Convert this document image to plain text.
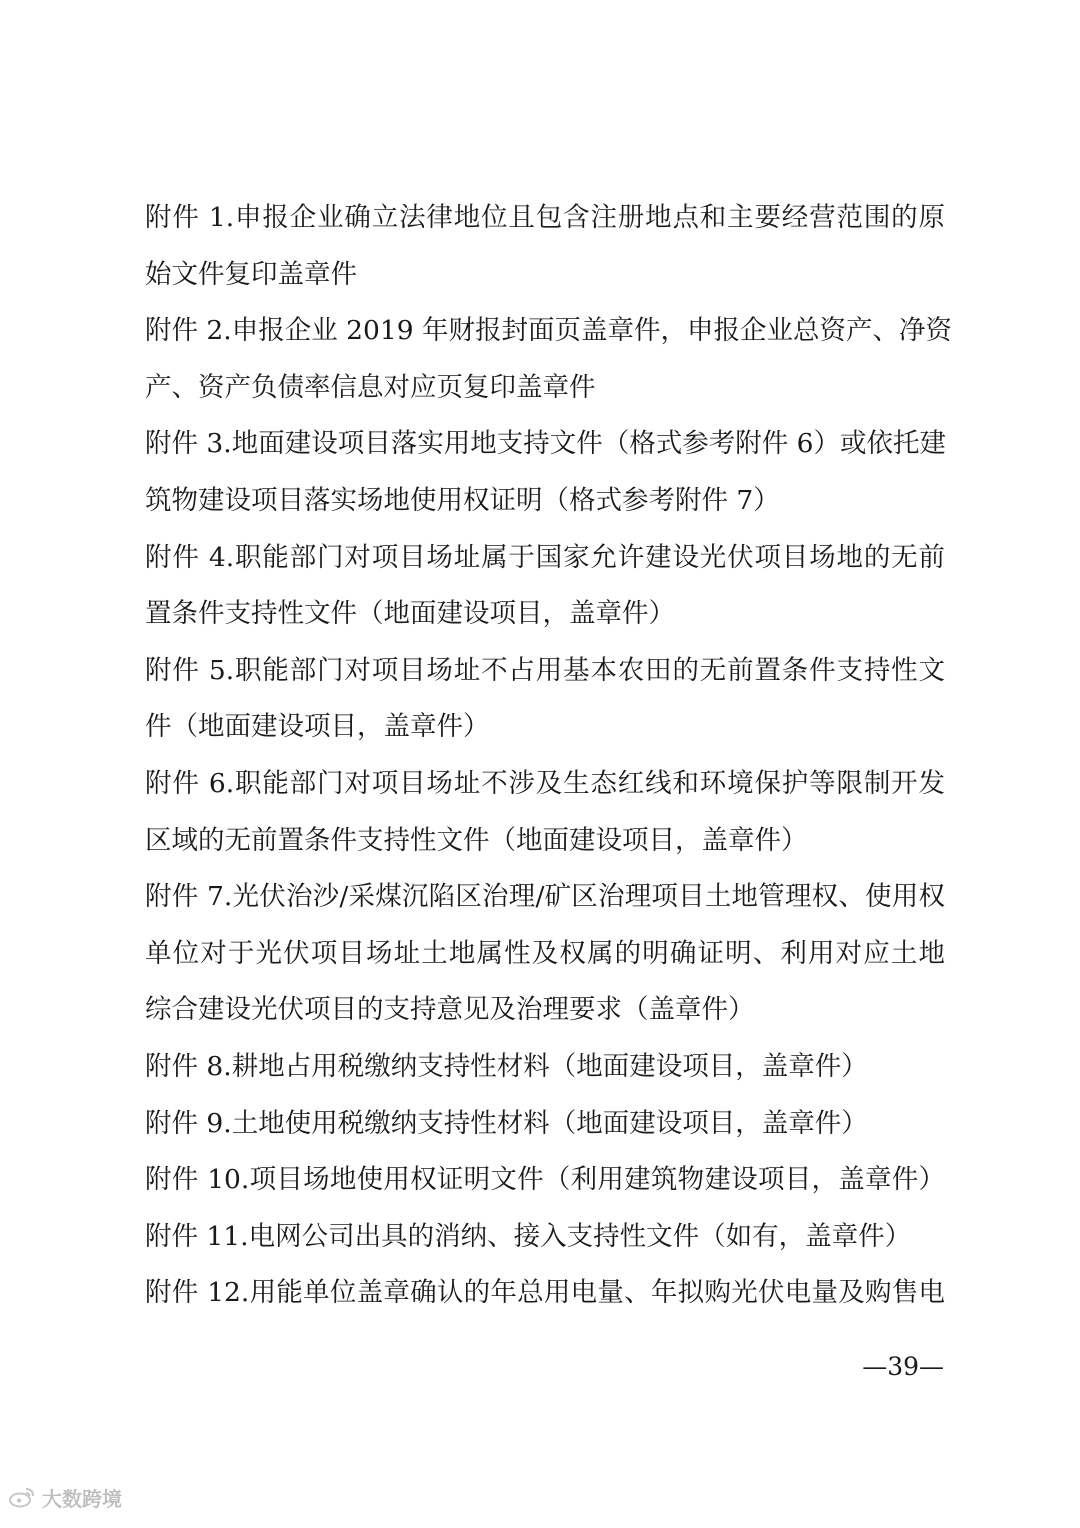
附件 1.申报企业确立法律地位且包含注册地点和主要经营范围的原
始文件复印盖章件
附件 2.申报企业 2019 年财报封面页盖章件，申报企业总资产、净资
产、资产负债率信息对应页复印盖章件
附件 3.地面建设项目落实用地支持文件（格式参考附件 6）或依托建
筑物建设项目落实场地使用权证明（格式参考附件 7）
附件 4.职能部门对项目场址属于国家允许建设光伏项目场地的无前
置条件支持性文件（地面建设项目，盖章件）
附件 5.职能部门对项目场址不占用基本农田的无前置条件支持性文
件（地面建设项目，盖章件）
附件 6.职能部门对项目场址不涉及生态红线和环境保护等限制开发
区域的无前置条件支持性文件（地面建设项目，盖章件）
附件 7.光伏治沙/采煤沉陷区治理/矿区治理项目土地管理权、使用权
单位对于光伏项目场址土地属性及权属的明确证明、利用对应土地
综合建设光伏项目的支持意见及治理要求（盖章件）
附件 8.耕地占用税缴纳支持性材料（地面建设项目，盖章件）
附件 9.土地使用税缴纳支持性材料（地面建设项目，盖章件）
附件 10.项目场地使用权证明文件（利用建筑物建设项目，盖章件）
附件 11.电网公司出具的消纳、接入支持性文件（如有，盖章件）
附件 12.用能单位盖章确认的年总用电量、年拟购光伏电量及购售电
—39—
大数跨境
